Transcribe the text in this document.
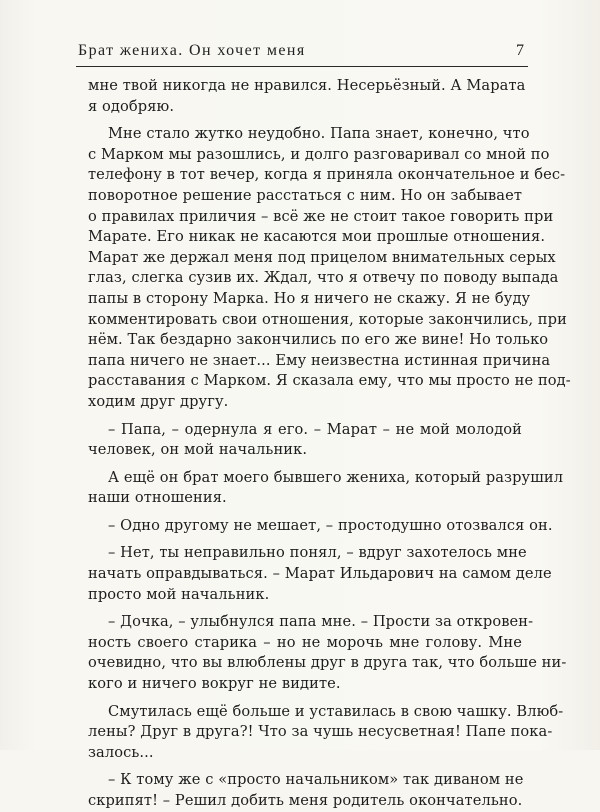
Брат жениха. Он хочет меня	7
мне твой никогда не нравился. Несерьёзный. А Марата
я одобряю.
Мне стало жутко неудобно. Папа знает, конечно, что
с Марком мы разошлись, и долго разговаривал со мной по
телефону в тот вечер, когда я приняла окончательное и бес-
поворотное решение расстаться с ним. Но он забывает
о правилах приличия – всё же не стоит такое говорить при
Марате. Его никак не касаются мои прошлые отношения.
Марат же держал меня под прицелом внимательных серых
глаз, слегка сузив их. Ждал, что я отвечу по поводу выпада
папы в сторону Марка. Но я ничего не скажу. Я не буду
комментировать свои отношения, которые закончились, при
нём. Так бездарно закончились по его же вине! Но только
папа ничего не знает... Ему неизвестна истинная причина
расставания с Марком. Я сказала ему, что мы просто не под-
ходим друг другу.
– Папа, – одернула я его. – Марат – не мой молодой
человек, он мой начальник.
А ещё он брат моего бывшего жениха, который разрушил
наши отношения.
– Одно другому не мешает, – простодушно отозвался он.
– Нет, ты неправильно понял, – вдруг захотелось мне
начать оправдываться. – Марат Ильдарович на самом деле
просто мой начальник.
– Дочка, – улыбнулся папа мне. – Прости за откровен-
ность своего старика – но не морочь мне голову. Мне
очевидно, что вы влюблены друг в друга так, что больше ни-
кого и ничего вокруг не видите.
Смутилась ещё больше и уставилась в свою чашку. Влюб-
лены? Друг в друга?! Что за чушь несусветная! Папе пока-
залось...
– К тому же с «просто начальником» так диваном не
скрипят! – Решил добить меня родитель окончательно.
